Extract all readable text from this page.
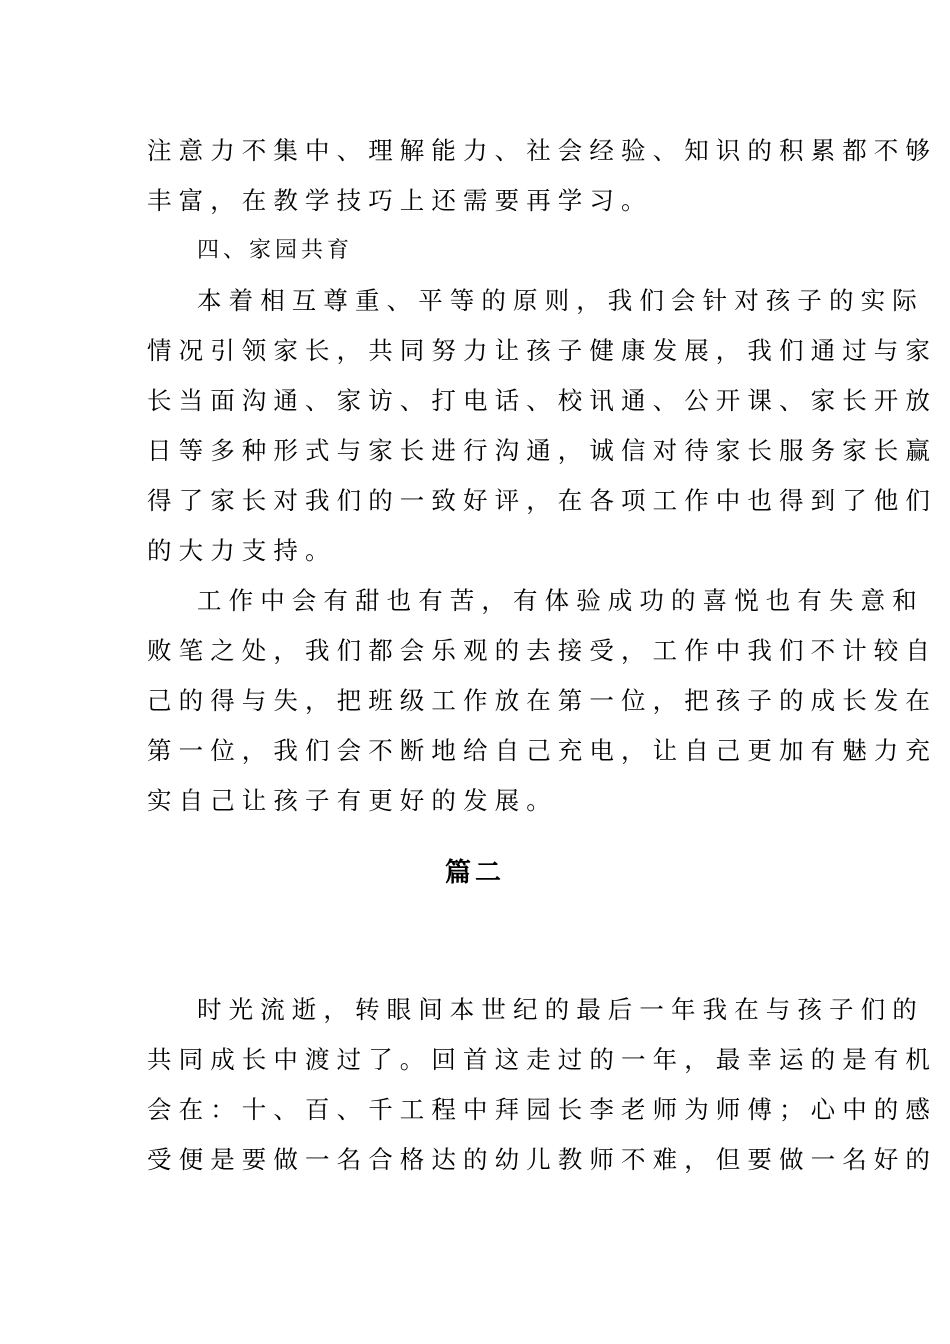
注意力不集中、理解能力、社会经验、知识的积累都不够
丰富，在教学技巧上还需要再学习。

四、家园共育

本着相互尊重、平等的原则，我们会针对孩子的实际
情况引领家长，共同努力让孩子健康发展，我们通过与家
长当面沟通、家访、打电话、校讯通、公开课、家长开放
日等多种形式与家长进行沟通，诚信对待家长服务家长赢
得了家长对我们的一致好评，在各项工作中也得到了他们
的大力支持。

工作中会有甜也有苦，有体验成功的喜悦也有失意和
败笔之处，我们都会乐观的去接受，工作中我们不计较自
己的得与失，把班级工作放在第一位，把孩子的成长发在
第一位，我们会不断地给自己充电，让自己更加有魅力充
实自己让孩子有更好的发展。

篇二

时光流逝，转眼间本世纪的最后一年我在与孩子们的
共同成长中渡过了。回首这走过的一年，最幸运的是有机
会在：十、百、千工程中拜园长李老师为师傅；心中的感
受便是要做一名合格达的幼儿教师不难，但要做一名好的
